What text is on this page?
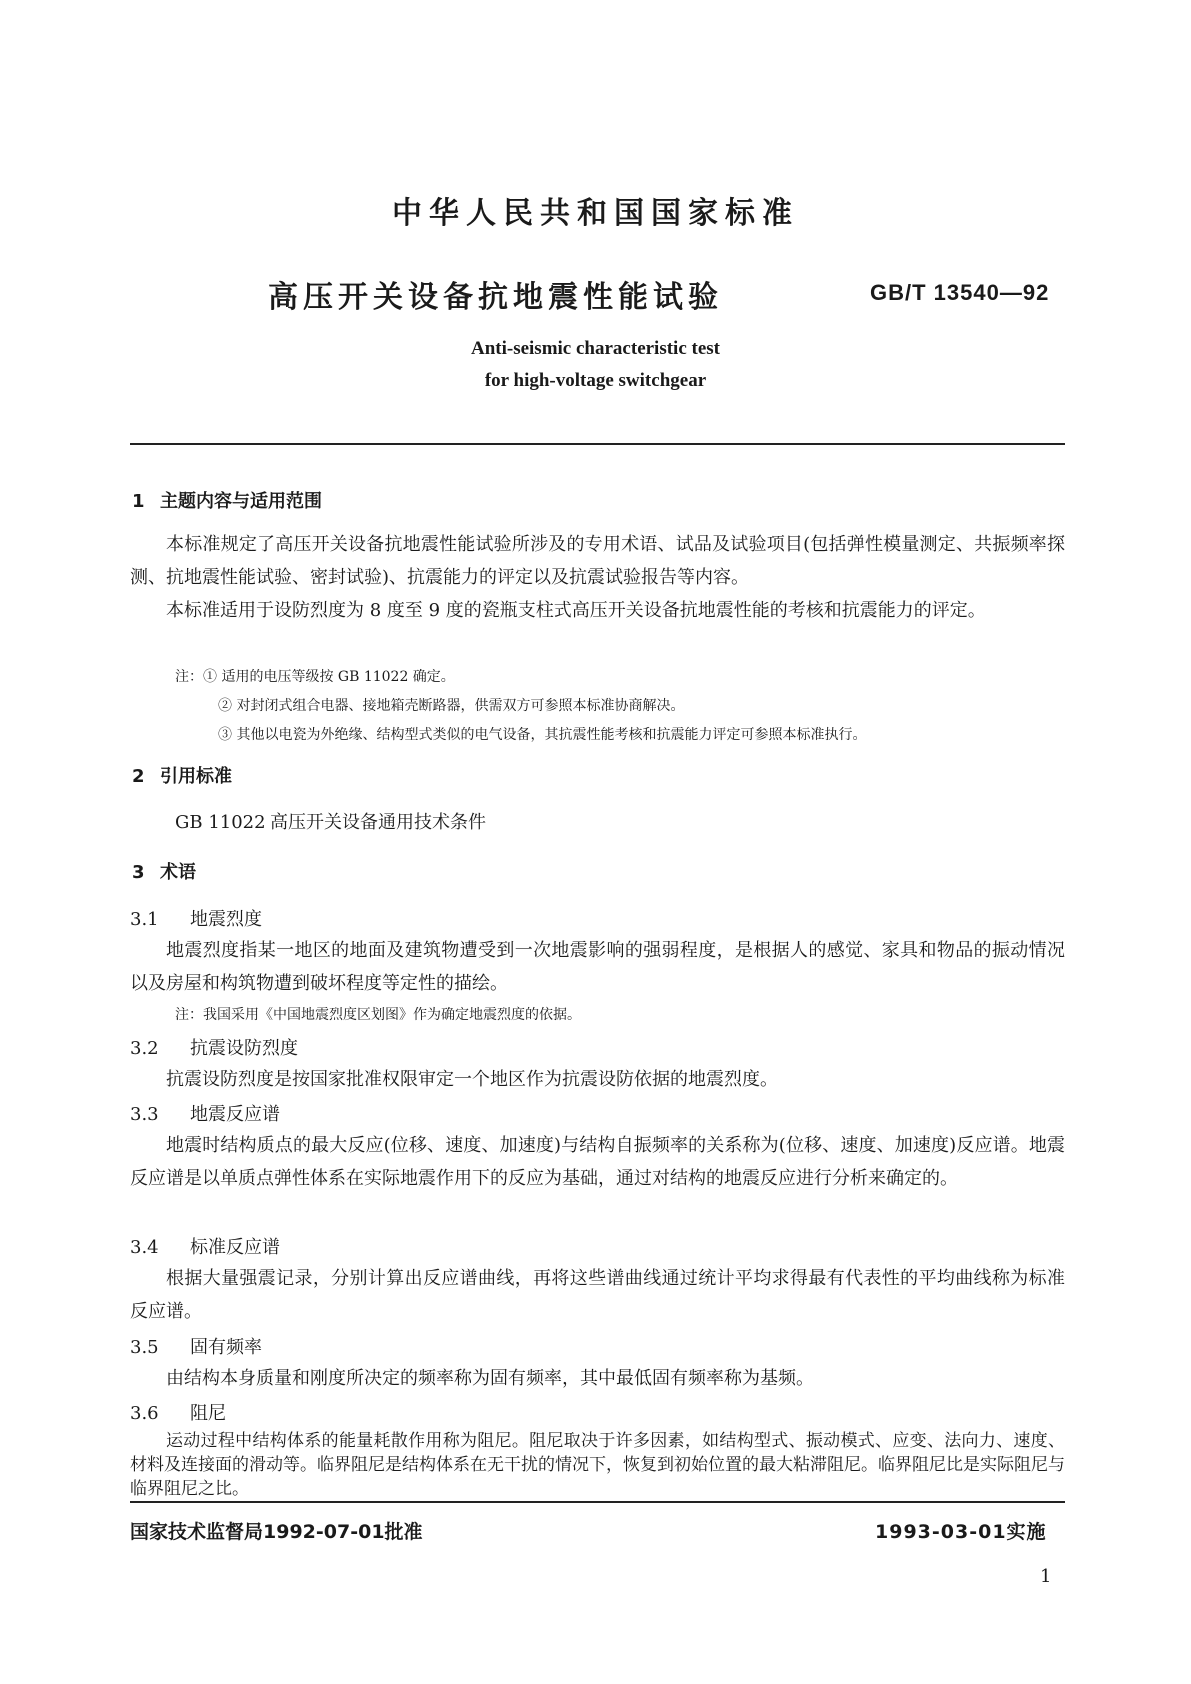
中华人民共和国国家标准
高压开关设备抗地震性能试验	GB/T 13540—92
Anti-seismic characteristic test
for high-voltage switchgear
1 主题内容与适用范围

本标准规定了高压开关设备抗地震性能试验所涉及的专用术语、试品及试验项目(包括弹性模量测定、共振频率探测、抗地震性能试验、密封试验)、抗震能力的评定以及抗震试验报告等内容。

本标准适用于设防烈度为 8 度至 9 度的瓷瓶支柱式高压开关设备抗地震性能的考核和抗震能力的评定。

注：① 适用的电压等级按 GB 11022 确定。
② 对封闭式组合电器、接地箱壳断路器，供需双方可参照本标准协商解决。
③ 其他以电瓷为外绝缘、结构型式类似的电气设备，其抗震性能考核和抗震能力评定可参照本标准执行。
2 引用标准
GB 11022 高压开关设备通用技术条件
3 术语
3.1 地震烈度

地震烈度指某一地区的地面及建筑物遭受到一次地震影响的强弱程度，是根据人的感觉、家具和物品的振动情况以及房屋和构筑物遭到破坏程度等定性的描绘。

注：我国采用《中国地震烈度区划图》作为确定地震烈度的依据。
3.2 抗震设防烈度

抗震设防烈度是按国家批准权限审定一个地区作为抗震设防依据的地震烈度。

3.3 地震反应谱

地震时结构质点的最大反应(位移、速度、加速度)与结构自振频率的关系称为(位移、速度、加速度)反应谱。地震反应谱是以单质点弹性体系在实际地震作用下的反应为基础，通过对结构的地震反应进行分析来确定的。

3.4 标准反应谱

根据大量强震记录，分别计算出反应谱曲线，再将这些谱曲线通过统计平均求得最有代表性的平均曲线称为标准反应谱。

3.5 固有频率

由结构本身质量和刚度所决定的频率称为固有频率，其中最低固有频率称为基频。

3.6 阻尼

运动过程中结构体系的能量耗散作用称为阻尼。阻尼取决于许多因素，如结构型式、振动模式、应变、法向力、速度、材料及连接面的滑动等。临界阻尼是结构体系在无干扰的情况下，恢复到初始位置的最大粘滞阻尼。临界阻尼比是实际阻尼与临界阻尼之比。

国家技术监督局1992-07-01批准	1993-03-01实施
1
